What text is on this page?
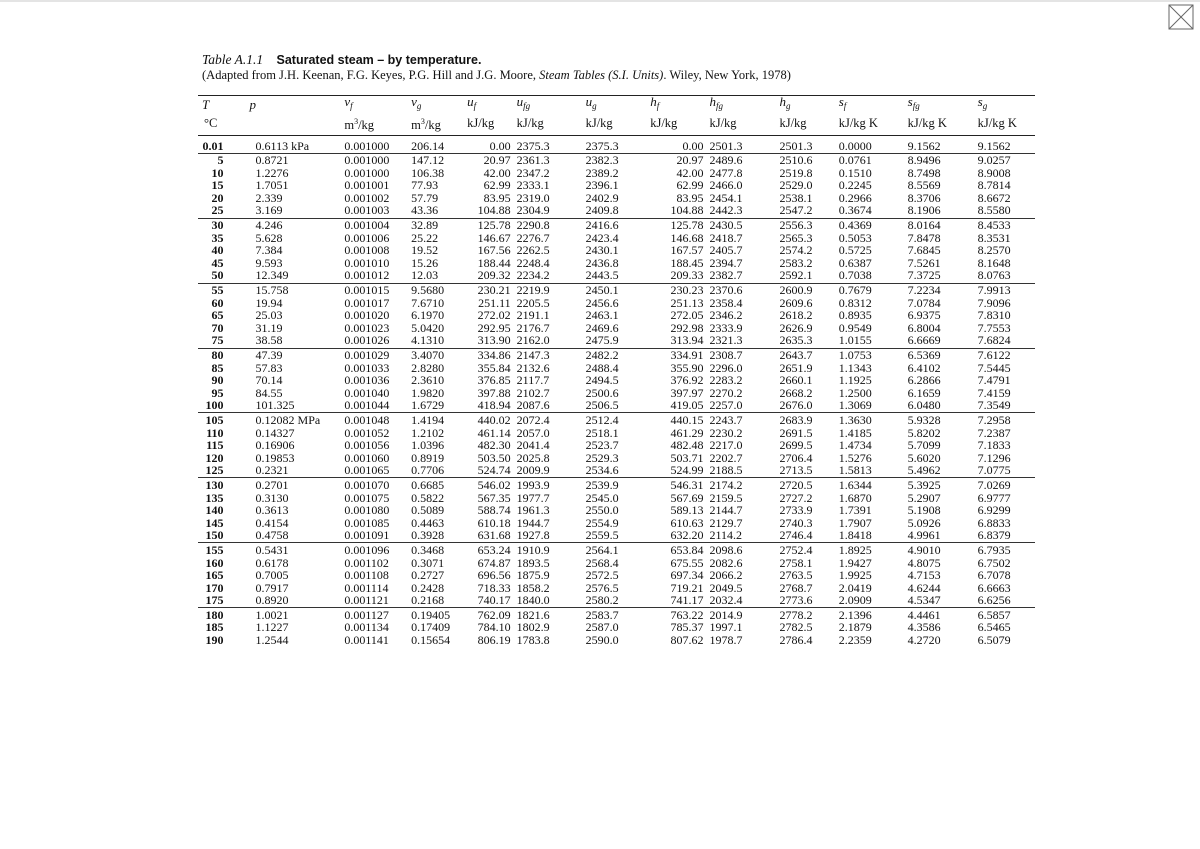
Table A.1.1 Saturated steam – by temperature.
(Adapted from J.H. Keenan, F.G. Keyes, P.G. Hill and J.G. Moore, Steam Tables (S.I. Units). Wiley, New York, 1978)
T	p	$v_f$	$v_g$	$u_f$	$u_{fg}$	$u_g$	$h_f$	$h_{fg}$	$h_g$	$s_f$	$s_{fg}$	$s_g$
°C		$m^3/kg$	$m^3/kg$	kJ/kg	kJ/kg	kJ/kg	kJ/kg	kJ/kg	kJ/kg	kJ/kg K	kJ/kg K	kJ/kg K
0.01	0.6113 kPa	0.001000	206.14	0.00	2375.3	2375.3	0.00	2501.3	2501.3	0.0000	9.1562	9.1562
5	0.8721	0.001000	147.12	20.97	2361.3	2382.3	20.97	2489.6	2510.6	0.0761	8.9496	9.0257
10	1.2276	0.001000	106.38	42.00	2347.2	2389.2	42.00	2477.8	2519.8	0.1510	8.7498	8.9008
15	1.7051	0.001001	77.93	62.99	2333.1	2396.1	62.99	2466.0	2529.0	0.2245	8.5569	8.7814
20	2.339	0.001002	57.79	83.95	2319.0	2402.9	83.95	2454.1	2538.1	0.2966	8.3706	8.6672
25	3.169	0.001003	43.36	104.88	2304.9	2409.8	104.88	2442.3	2547.2	0.3674	8.1906	8.5580
30	4.246	0.001004	32.89	125.78	2290.8	2416.6	125.78	2430.5	2556.3	0.4369	8.0164	8.4533
35	5.628	0.001006	25.22	146.67	2276.7	2423.4	146.68	2418.7	2565.3	0.5053	7.8478	8.3531
40	7.384	0.001008	19.52	167.56	2262.5	2430.1	167.57	2405.7	2574.2	0.5725	7.6845	8.2570
45	9.593	0.001010	15.26	188.44	2248.4	2436.8	188.45	2394.7	2583.2	0.6387	7.5261	8.1648
50	12.349	0.001012	12.03	209.32	2234.2	2443.5	209.33	2382.7	2592.1	0.7038	7.3725	8.0763
55	15.758	0.001015	9.5680	230.21	2219.9	2450.1	230.23	2370.6	2600.9	0.7679	7.2234	7.9913
60	19.94	0.001017	7.6710	251.11	2205.5	2456.6	251.13	2358.4	2609.6	0.8312	7.0784	7.9096
65	25.03	0.001020	6.1970	272.02	2191.1	2463.1	272.05	2346.2	2618.2	0.8935	6.9375	7.8310
70	31.19	0.001023	5.0420	292.95	2176.7	2469.6	292.98	2333.9	2626.9	0.9549	6.8004	7.7553
75	38.58	0.001026	4.1310	313.90	2162.0	2475.9	313.94	2321.3	2635.3	1.0155	6.6669	7.6824
80	47.39	0.001029	3.4070	334.86	2147.3	2482.2	334.91	2308.7	2643.7	1.0753	6.5369	7.6122
85	57.83	0.001033	2.8280	355.84	2132.6	2488.4	355.90	2296.0	2651.9	1.1343	6.4102	7.5445
90	70.14	0.001036	2.3610	376.85	2117.7	2494.5	376.92	2283.2	2660.1	1.1925	6.2866	7.4791
95	84.55	0.001040	1.9820	397.88	2102.7	2500.6	397.97	2270.2	2668.2	1.2500	6.1659	7.4159
100	101.325	0.001044	1.6729	418.94	2087.6	2506.5	419.05	2257.0	2676.0	1.3069	6.0480	7.3549
105	0.12082 MPa	0.001048	1.4194	440.02	2072.4	2512.4	440.15	2243.7	2683.9	1.3630	5.9328	7.2958
110	0.14327	0.001052	1.2102	461.14	2057.0	2518.1	461.29	2230.2	2691.5	1.4185	5.8202	7.2387
115	0.16906	0.001056	1.0396	482.30	2041.4	2523.7	482.48	2217.0	2699.5	1.4734	5.7099	7.1833
120	0.19853	0.001060	0.8919	503.50	2025.8	2529.3	503.71	2202.7	2706.4	1.5276	5.6020	7.1296
125	0.2321	0.001065	0.7706	524.74	2009.9	2534.6	524.99	2188.5	2713.5	1.5813	5.4962	7.0775
130	0.2701	0.001070	0.6685	546.02	1993.9	2539.9	546.31	2174.2	2720.5	1.6344	5.3925	7.0269
135	0.3130	0.001075	0.5822	567.35	1977.7	2545.0	567.69	2159.5	2727.2	1.6870	5.2907	6.9777
140	0.3613	0.001080	0.5089	588.74	1961.3	2550.0	589.13	2144.7	2733.9	1.7391	5.1908	6.9299
145	0.4154	0.001085	0.4463	610.18	1944.7	2554.9	610.63	2129.7	2740.3	1.7907	5.0926	6.8833
150	0.4758	0.001091	0.3928	631.68	1927.8	2559.5	632.20	2114.2	2746.4	1.8418	4.9961	6.8379
155	0.5431	0.001096	0.3468	653.24	1910.9	2564.1	653.84	2098.6	2752.4	1.8925	4.9010	6.7935
160	0.6178	0.001102	0.3071	674.87	1893.5	2568.4	675.55	2082.6	2758.1	1.9427	4.8075	6.7502
165	0.7005	0.001108	0.2727	696.56	1875.9	2572.5	697.34	2066.2	2763.5	1.9925	4.7153	6.7078
170	0.7917	0.001114	0.2428	718.33	1858.2	2576.5	719.21	2049.5	2768.7	2.0419	4.6244	6.6663
175	0.8920	0.001121	0.2168	740.17	1840.0	2580.2	741.17	2032.4	2773.6	2.0909	4.5347	6.6256
180	1.0021	0.001127	0.19405	762.09	1821.6	2583.7	763.22	2014.9	2778.2	2.1396	4.4461	6.5857
185	1.1227	0.001134	0.17409	784.10	1802.9	2587.0	785.37	1997.1	2782.5	2.1879	4.3586	6.5465
190	1.2544	0.001141	0.15654	806.19	1783.8	2590.0	807.62	1978.7	2786.4	2.2359	4.2720	6.5079
